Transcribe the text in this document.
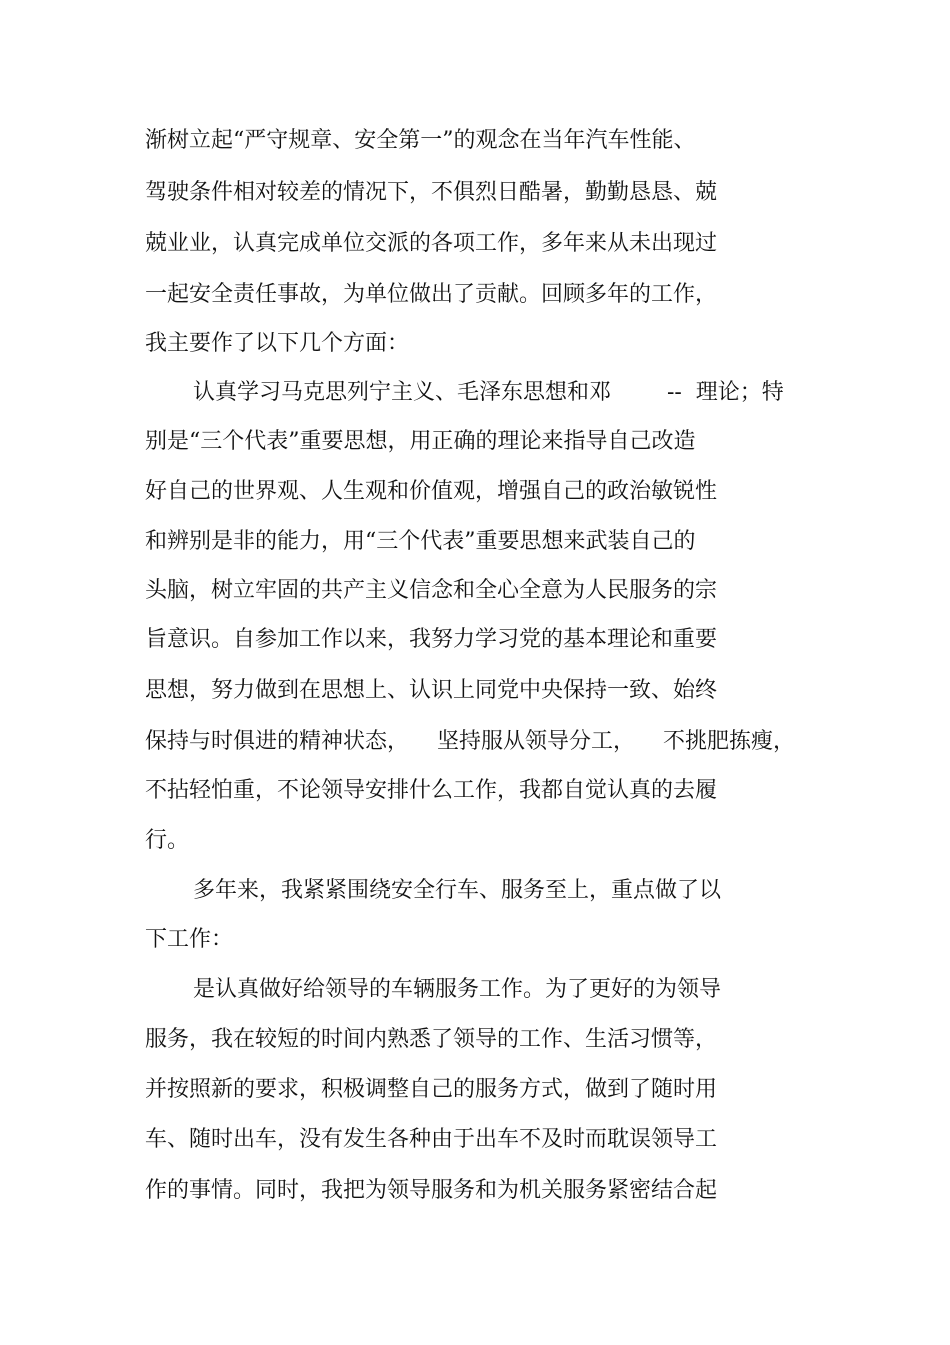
渐树立起“严守规章、安全第一”的观念在当年汽车性能、
驾驶条件相对较差的情况下，不俱烈日酷暑，勤勤恳恳、兢
兢业业，认真完成单位交派的各项工作，多年来从未出现过
一起安全责任事故，为单位做出了贡献。回顾多年的工作，
我主要作了以下几个方面：
认真学习马克思列宁主义、毛泽东思想和邓        --  理论；特
别是“三个代表”重要思想，用正确的理论来指导自己改造
好自己的世界观、人生观和价值观，增强自己的政治敏锐性
和辨别是非的能力，用“三个代表”重要思想来武装自己的
头脑，树立牢固的共产主义信念和全心全意为人民服务的宗
旨意识。自参加工作以来，我努力学习党的基本理论和重要
思想，努力做到在思想上、认识上同党中央保持一致、始终
保持与时俱进的精神状态，    坚持服从领导分工，    不挑肥拣瘦，
不拈轻怕重，不论领导安排什么工作，我都自觉认真的去履
行。
多年来，我紧紧围绕安全行车、服务至上，重点做了以
下工作：
是认真做好给领导的车辆服务工作。为了更好的为领导
服务，我在较短的时间内熟悉了领导的工作、生活习惯等，
并按照新的要求，积极调整自己的服务方式，做到了随时用
车、随时出车，没有发生各种由于出车不及时而耽误领导工
作的事情。同时，我把为领导服务和为机关服务紧密结合起
